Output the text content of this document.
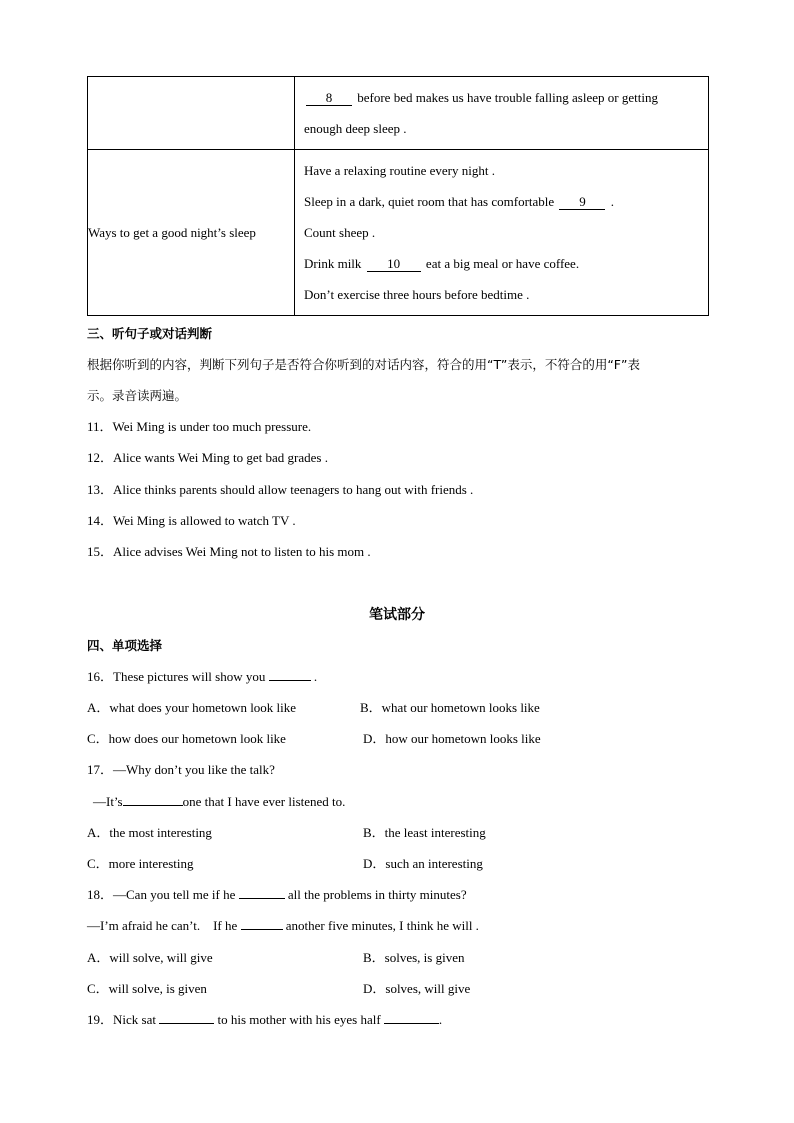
	8 before bed makes us have trouble falling asleep or getting
enough deep sleep .

Ways to get a good night’s sleep	Have a relaxing routine every night .
Sleep in a dark, quiet room that has comfortable 9 .
Count sheep .
Drink milk 10 eat a big meal or have coffee.
Don’t exercise three hours before bedtime .
三、听句子或对话判断
根据你听到的内容，判断下列句子是否符合你听到的对话内容，符合的用“T”表示，不符合的用“F”表
示。录音读两遍。
11．Wei Ming is under too much pressure.
12．Alice wants Wei Ming to get bad grades .
13．Alice thinks parents should allow teenagers to hang out with friends .
14．Wei Ming is allowed to watch TV .
15．Alice advises Wei Ming not to listen to his mom .
笔试部分
四、单项选择
16．These pictures will show you	.
A．what does your hometown look like	B．what our hometown looks like
C．how does our hometown look like	D．how our hometown looks like
17．—Why don’t you like the talk?
—It’s	one that I have ever listened to.
A．the most interesting	B．the least interesting
C．more interesting	D．such an interesting
18．—Can you tell me if he	all the problems in thirty minutes?
—I’m afraid he can’t.    If he	another five minutes, I think he will .
A．will solve, will give	B．solves, is given
C．will solve, is given	D．solves, will give
19．Nick sat	to his mother with his eyes half	.
